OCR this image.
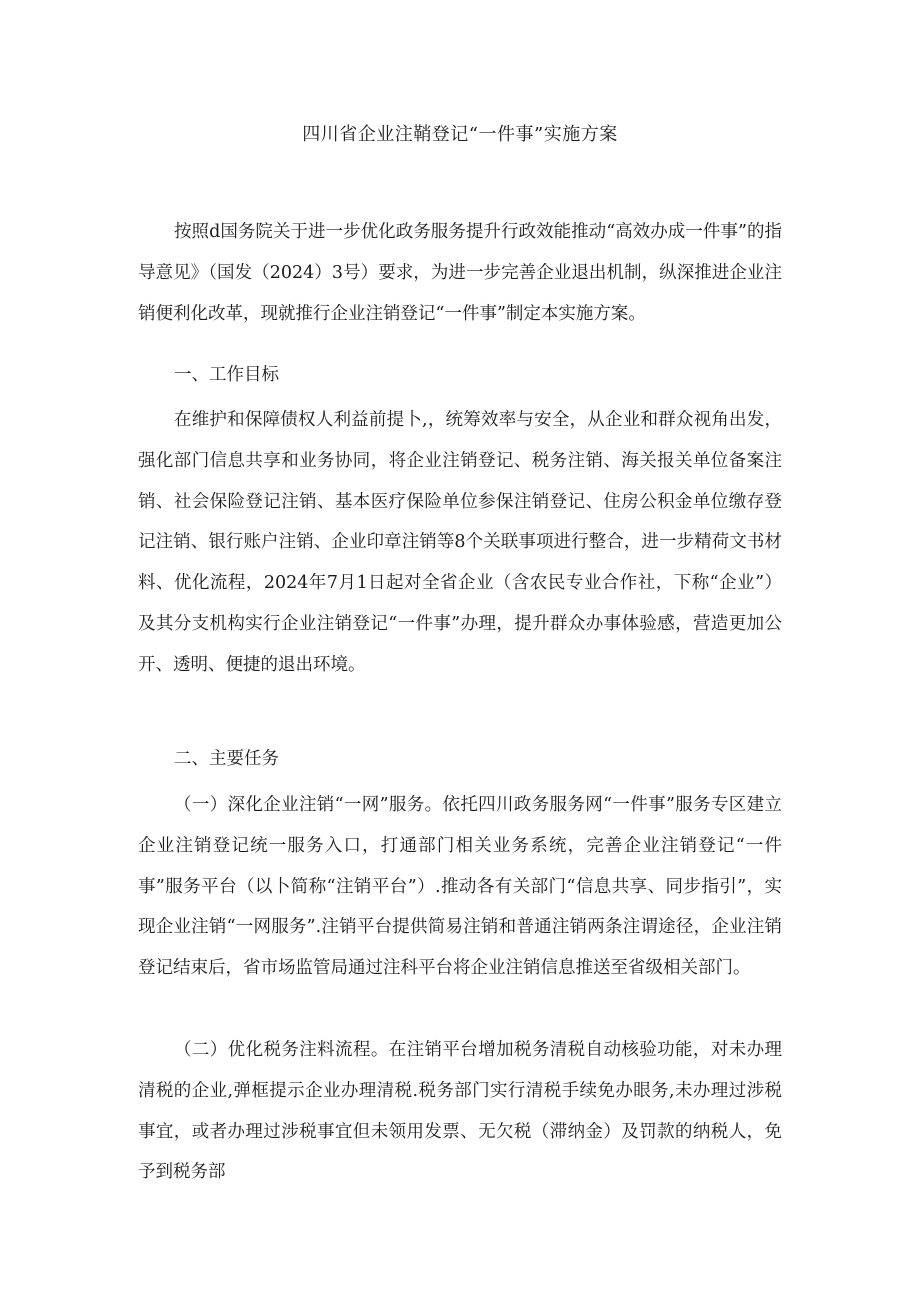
四川省企业注鞘登记“一件事”实施方案

按照d国务院关于进一步优化政务服务提升行政效能推动“高效办成一件事”的指导意见》（国发（2024）3号）要求，为进一步完善企业退出机制，纵深推进企业注销便利化改革，现就推行企业注销登记“一件事”制定本实施方案。

一、工作目标

在维护和保障债权人利益前提卜,，统筹效率与安全，从企业和群众视角出发，强化部门信息共享和业务协同，将企业注销登记、税务注销、海关报关单位备案注销、社会保险登记注销、基本医疗保险单位参保注销登记、住房公积金单位缴存登记注销、银行账户注销、企业印章注销等8个关联事项进行整合，进一步精荷文书材料、优化流程，2024年7月1日起对全省企业（含农民专业合作社，下称“企业”）及其分支机构实行企业注销登记“一件事”办理，提升群众办事体验感，营造更加公开、透明、便捷的退出环境。

二、主要任务

（一）深化企业注销“一网”服务。依托四川政务服务网“一件事”服务专区建立企业注销登记统一服务入口，打通部门相关业务系统，完善企业注销登记“一件事”服务平台（以卜简称“注销平台”）.推动各有关部门“信息共享、同步指引”，实现企业注销“一网服务”.注销平台提供简易注销和普通注销两条注谓途径，企业注销登记结束后，省市场监管局通过注科平台将企业注销信息推送至省级相关部门。

（二）优化税务注料流程。在注销平台增加税务清税自动核验功能，对未办理清税的企业,弹框提示企业办理清税.税务部门实行清税手续免办眼务,未办理过涉税事宜，或者办理过涉税事宜但未领用发票、无欠税（滞纳金）及罚款的纳税人，免予到税务部
